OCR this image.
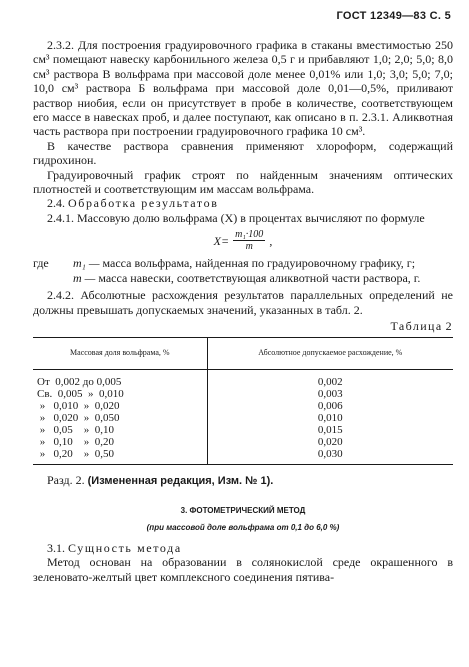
ГОСТ 12349—83 С. 5

2.3.2. Для построения градуировочного графика в стаканы вместимостью 250 см³ помещают навеску карбонильного железа 0,5 г и прибавляют 1,0; 2,0; 5,0; 8,0 см³ раствора В вольфрама при массовой доле менее 0,01% или 1,0; 3,0; 5,0; 7,0; 10,0 см³ раствора Б вольфрама при массовой доле 0,01—0,5%, приливают раствор ниобия, если он присутствует в пробе в количестве, соответствующем его массе в навесках проб, и далее поступают, как описано в п. 2.3.1. Аликвотная часть раствора при построении градуировочного графика 10 см³.

В качестве раствора сравнения применяют хлороформ, содержащий гидрохинон.

Градуировочный график строят по найденным значениям оптических плотностей и соответствующим им массам вольфрама.

2.4. Обработка результатов

2.4.1. Массовую долю вольфрама (X) в процентах вычисляют по формуле

$X= \frac{\text{m₁·100}}{m}$ ,
где	m₁ — масса вольфрама, найденная по градуировочному графику, г;
m — масса навески, соответствующая аликвотной части раствора, г.

2.4.2. Абсолютные расхождения результатов параллельных определений не должны превышать допускаемых значений, указанных в табл. 2.

Таблица 2
Массовая доля вольфрама, %	Абсолютное допускаемое расхождение, %
От  0,002 до 0,005	0,002
Св.  0,005  »  0,010	0,003
»   0,010  »  0,020	0,006
»   0,020  »  0,050	0,010
»   0,05    »  0,10	0,015
»   0,10    »  0,20	0,020
»   0,20    »  0,50	0,030

Разд. 2. (Измененная редакция, Изм. № 1).

3. ФОТОМЕТРИЧЕСКИЙ МЕТОД
(при массовой доле вольфрама от 0,1 до 6,0 %)

3.1. Сущность метода

Метод основан на образовании в солянокислой среде окрашенного в зеленовато-желтый цвет комплексного соединения пятива-
